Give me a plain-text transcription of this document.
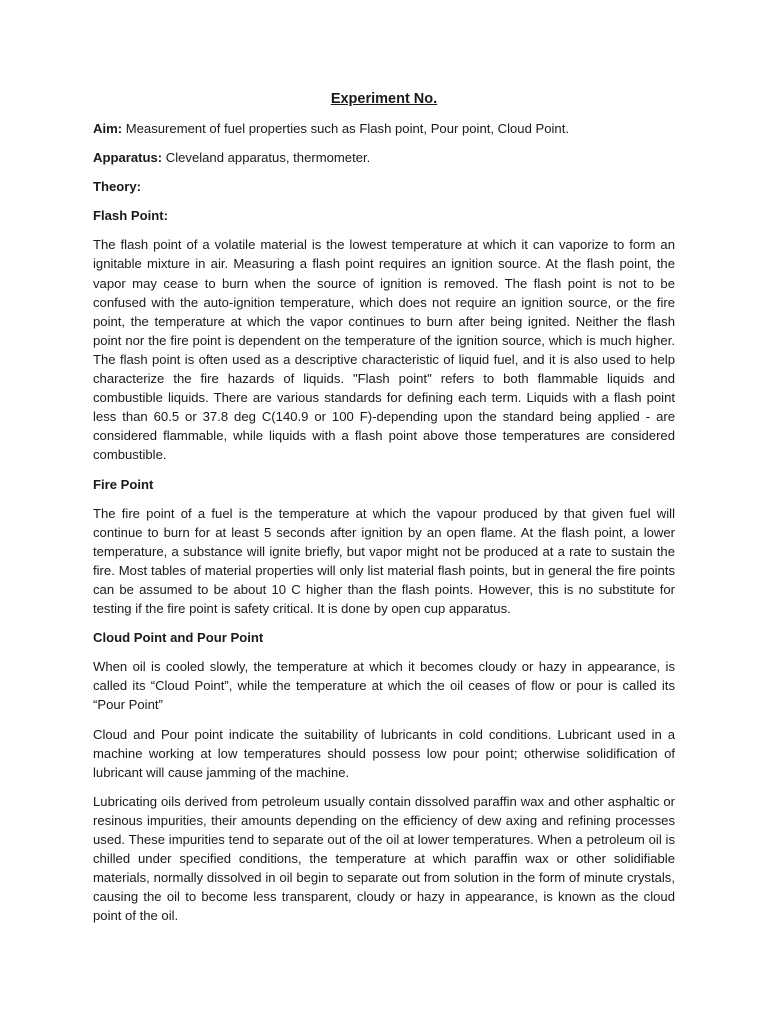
Experiment No.
Aim: Measurement of fuel properties such as Flash point, Pour point, Cloud Point.
Apparatus: Cleveland apparatus, thermometer.
Theory:
Flash Point:
The flash point of a volatile material is the lowest temperature at which it can vaporize to form an ignitable mixture in air. Measuring a flash point requires an ignition source. At the flash point, the vapor may cease to burn when the source of ignition is removed. The flash point is not to be confused with the auto-ignition temperature, which does not require an ignition source, or the fire point, the temperature at which the vapor continues to burn after being ignited. Neither the flash point nor the fire point is dependent on the temperature of the ignition source, which is much higher. The flash point is often used as a descriptive characteristic of liquid fuel, and it is also used to help characterize the fire hazards of liquids. "Flash point" refers to both flammable liquids and combustible liquids. There are various standards for defining each term. Liquids with a flash point less than 60.5 or 37.8 deg C(140.9 or 100 F)-depending upon the standard being applied - are considered flammable, while liquids with a flash point above those temperatures are considered combustible.
Fire Point
The fire point of a fuel is the temperature at which the vapour produced by that given fuel will continue to burn for at least 5 seconds after ignition by an open flame. At the flash point, a lower temperature, a substance will ignite briefly, but vapor might not be produced at a rate to sustain the fire. Most tables of material properties will only list material flash points, but in general the fire points can be assumed to be about 10 C higher than the flash points. However, this is no substitute for testing if the fire point is safety critical. It is done by open cup apparatus.
Cloud Point and Pour Point
When oil is cooled slowly, the temperature at which it becomes cloudy or hazy in appearance, is called its “Cloud Point”, while the temperature at which the oil ceases of flow or pour is called its “Pour Point”
Cloud and Pour point indicate the suitability of lubricants in cold conditions. Lubricant used in a machine working at low temperatures should possess low pour point; otherwise solidification of lubricant will cause jamming of the machine.
Lubricating oils derived from petroleum usually contain dissolved paraffin wax and other asphaltic or resinous impurities, their amounts depending on the efficiency of dew axing and refining processes used. These impurities tend to separate out of the oil at lower temperatures. When a petroleum oil is chilled under specified conditions, the temperature at which paraffin wax or other solidifiable materials, normally dissolved in oil begin to separate out from solution in the form of minute crystals, causing the oil to become less transparent, cloudy or hazy in appearance, is known as the cloud point of the oil.
